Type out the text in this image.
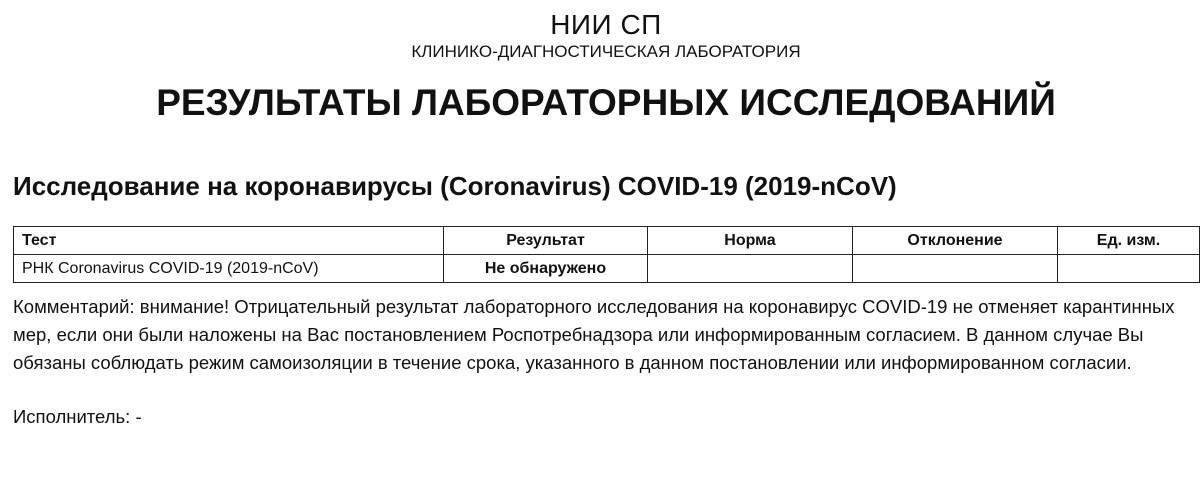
НИИ СП
КЛИНИКО-ДИАГНОСТИЧЕСКАЯ ЛАБОРАТОРИЯ
РЕЗУЛЬТАТЫ ЛАБОРАТОРНЫХ ИССЛЕДОВАНИЙ
Исследование на коронавирусы (Coronavirus) COVID-19 (2019-nCoV)
Тест	Результат	Норма	Отклонение	Ед. изм.
РНК Coronavirus COVID-19 (2019-nCoV)	Не обнаружено			
Комментарий: внимание! Отрицательный результат лабораторного исследования на коронавирус COVID-19 не отменяет карантинных мер, если они были наложены на Вас постановлением Роспотребнадзора или информированным согласием. В данном случае Вы обязаны соблюдать режим самоизоляции в течение срока, указанного в данном постановлении или информированном согласии.
Исполнитель: -
